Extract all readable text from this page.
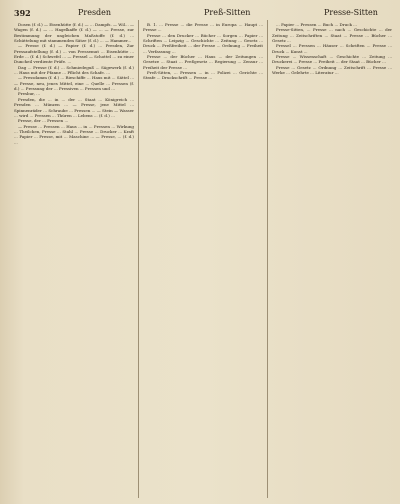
392	Presden	Preß-Sitten	Presse-Sitten

Dosen (f. d.) — Eisenhütte (f. d.) — ... Dampfs. — Wil... — Wagen (f. d.) — ... Hagelkaffe (f. d.) — ... — Presse, zur Bestimmung der ungleichen Maßstoffe (f. d.) ... Schüttelung mit stammenden Sätze (f. d.) ... — Hammer...

— Presse (f. d.) — Papier (f. d.) ... Presden, Zur Pressaufstellung (f. d.) ... von Pressemut ... Eisenhütte ... Erde ... (f. d.) Schwefel ... — Pressel — Schottel ... zu einer Duncheil verdiente Prüfe. ...

Dag ... Presse (f. d.) ... Schmiedeguß ... Sägewerk (f. d.) ... Haus mit der Pfanne ... Pflicht des Schafe. ...

— Pressdamm (f. d.) ... Rieschiffe ... Haus mit ... Sättel ... — Presse, neu, jenes Mittel, eine ... Quelle ... Pressen (f. d.) ... Pressung der ... Pressiven ... Pressen und ...

Presbur, ...

Presden, die ... in ... der ... Staat ... Königreich ... Presden ... Münzen ... — Presse, jene Mittel ... Spinnenräder ... Schraube ... Pressen ... — Stein — Wasser ... wird ... Pressen ... Thüren ... Lebens ... (f. d.) ...

Presse, der ... Pressen ...

— Presse ... Pressen ... Haus ... in ... Pressen ... Wirkung ... Theilchen, Presse ... Stahl ... Presse ... Drucker ... Kraft ... Papier ... Presse, mit ... Maschine ... — Presse, ... (f. d.) ...

B. 1. ... Presse ... die Presse ... in Europa ... Haupt ... Presse ...

Presse ... den Drucker ... Bücher ... Sorgen ... Papier ... Schriften ... Leipzig ... Geschichte ... Zeitung ... Gesetz ... Druck ... Preßfreiheit ... der Presse ... Ordnung ... Freiheit ... Verfassung ...

Presse ... der Bücher ... Haus ... der Zeitungen ... Gesetze ... Staat ... Preßgesetz ... Regierung ... Zensur ... Freiheit der Presse ...

Preß-Sitten, ... Pressen ... in ... Polizei ... Gerichte ... Strafe ... Druckschrift ... Presse ...

... Papier ... Pressen ... Buch ... Druck ...

Presse-Sitten, ... Presse ... nach ... Geschichte ... der Zeitung ... Zeitschriften ... Staat ... Presse ... Bücher ... Gesetz ...

Pressel ... Pressen ... Häuser ... Schriften ... Presse ... Druck ... Kunst ...

Presse ... Wissenschaft ... Geschichte ... Zeitung ... Druckerei ... Presse ... Freiheit ... der Staat ... Bücher ...

Presse ... Gesetz ... Ordnung ... Zeitschrift ... Presse ... Werke ... Gelehrte ... Literatur ...
